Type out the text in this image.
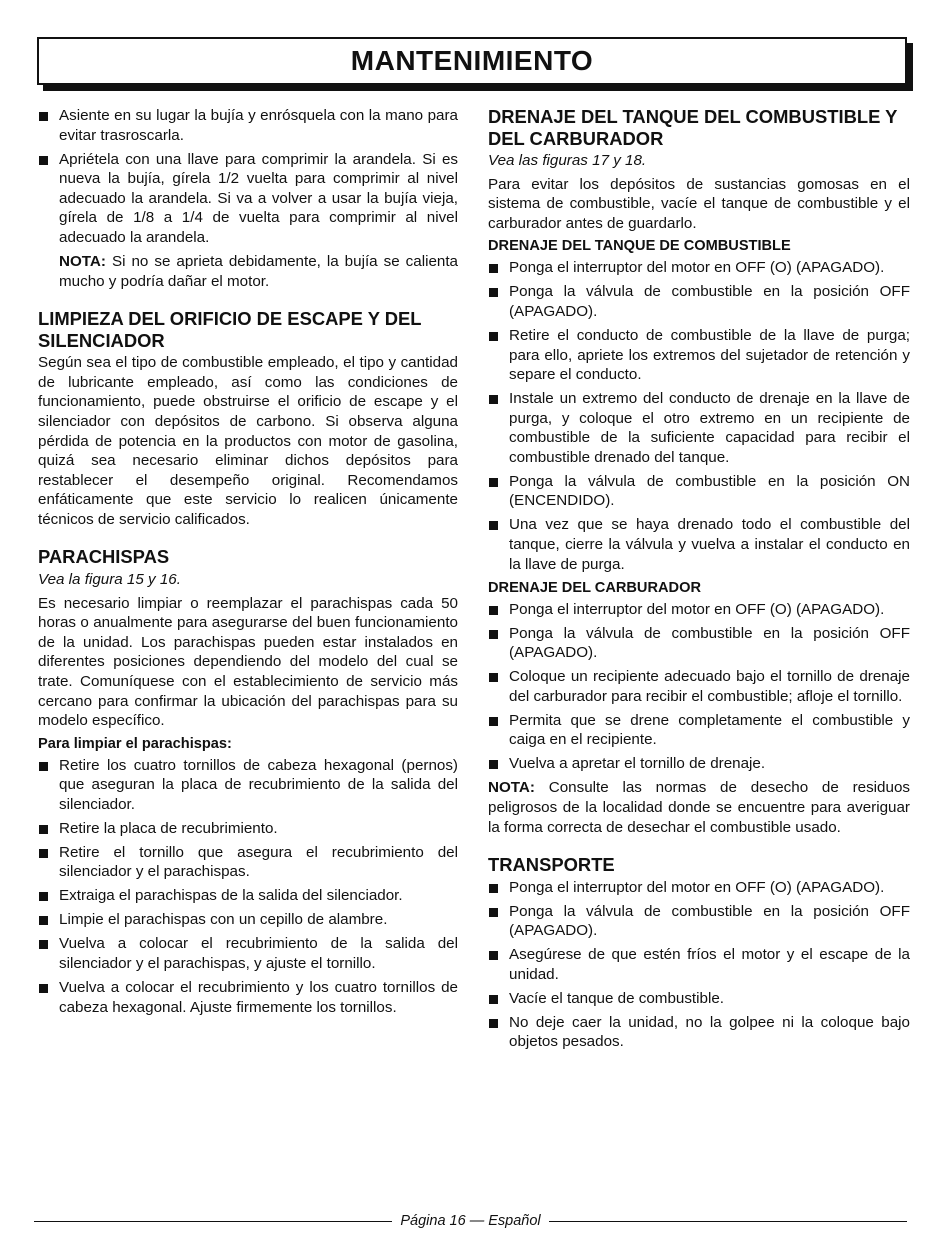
MANTENIMIENTO
Asiente en su lugar la bujía y enrósquela con la mano para evitar trasroscarla.
Apriétela con una llave para comprimir la arandela. Si es nueva la bujía, gírela 1/2 vuelta para comprimir al nivel adecuado la arandela. Si va a volver a usar la bujía vieja, gírela de 1/8 a 1/4 de vuelta para comprimir al nivel adecuado la arandela.

NOTA: Si no se aprieta debidamente, la bujía se calienta mucho y podría dañar el motor.

LIMPIEZA DEL ORIFICIO DE ESCAPE Y DEL SILENCIADOR

Según sea el tipo de combustible empleado, el tipo y cantidad de lubricante empleado, así como las condiciones de funcionamiento, puede obstruirse el orificio de escape y el silenciador con depósitos de carbono. Si observa alguna pérdida de potencia en la productos con motor de gasolina, quizá sea necesario eliminar dichos depósitos para restablecer el desempeño original. Recomendamos enfáticamente que este servicio lo realicen únicamente técnicos de servicio calificados.

PARACHISPAS

Vea la figura 15 y 16.

Es necesario limpiar o reemplazar el parachispas cada 50 horas o anualmente para asegurarse del buen funcionamiento de la unidad. Los parachispas pueden estar instalados en diferentes posiciones dependiendo del modelo del cual se trate. Comuníquese con el establecimiento de servicio más cercano para confirmar la ubicación del parachispas para su modelo específico.

Para limpiar el parachispas:
Retire los cuatro tornillos de cabeza hexagonal (pernos) que aseguran la placa de recubrimiento de la salida del silenciador.
Retire la placa de recubrimiento.
Retire el tornillo que asegura el recubrimiento del silenciador y el parachispas.
Extraiga el parachispas de la salida del silenciador.
Limpie el parachispas con un cepillo de alambre.
Vuelva a colocar el recubrimiento de la salida del silenciador y el parachispas, y ajuste el tornillo.
Vuelva a colocar el recubrimiento y los cuatro tornillos de cabeza hexagonal. Ajuste firmemente los tornillos.
DRENAJE DEL TANQUE DEL COMBUSTIBLE Y DEL CARBURADOR

Vea las figuras 17 y 18.

Para evitar los depósitos de sustancias gomosas en el sistema de combustible, vacíe el tanque de combustible y el carburador antes de guardarlo.

DRENAJE DEL TANQUE DE COMBUSTIBLE
Ponga el interruptor del motor en OFF (O) (APAGADO).
Ponga la válvula de combustible en la posición OFF (APAGADO).
Retire el conducto de combustible de la llave de purga; para ello, apriete los extremos del sujetador de retención y separe el conducto.
Instale un extremo del conducto de drenaje en la llave de purga, y coloque el otro extremo en un recipiente de combustible de la suficiente capacidad para recibir el combustible drenado del tanque.
Ponga la válvula de combustible en la posición ON (ENCENDIDO).
Una vez que se haya drenado todo el combustible del tanque, cierre la válvula y vuelva a instalar el conducto en la llave de purga.
DRENAJE DEL CARBURADOR
Ponga el interruptor del motor en OFF (O) (APAGADO).
Ponga la válvula de combustible en la posición OFF (APAGADO).
Coloque un recipiente adecuado bajo el tornillo de drenaje del carburador para recibir el combustible; afloje el tornillo.
Permita que se drene completamente el combustible y caiga en el recipiente.
Vuelva a apretar el tornillo de drenaje.

NOTA: Consulte las normas de desecho de residuos peligrosos de la localidad donde se encuentre para averiguar la forma correcta de desechar el combustible usado.

TRANSPORTE
Ponga el interruptor del motor en OFF (O) (APAGADO).
Ponga la válvula de combustible en la posición OFF (APAGADO).
Asegúrese de que estén fríos el motor y el escape de la unidad.
Vacíe el tanque de combustible.
No deje caer la unidad, no la golpee ni la coloque bajo objetos pesados.
Página 16 — Español
